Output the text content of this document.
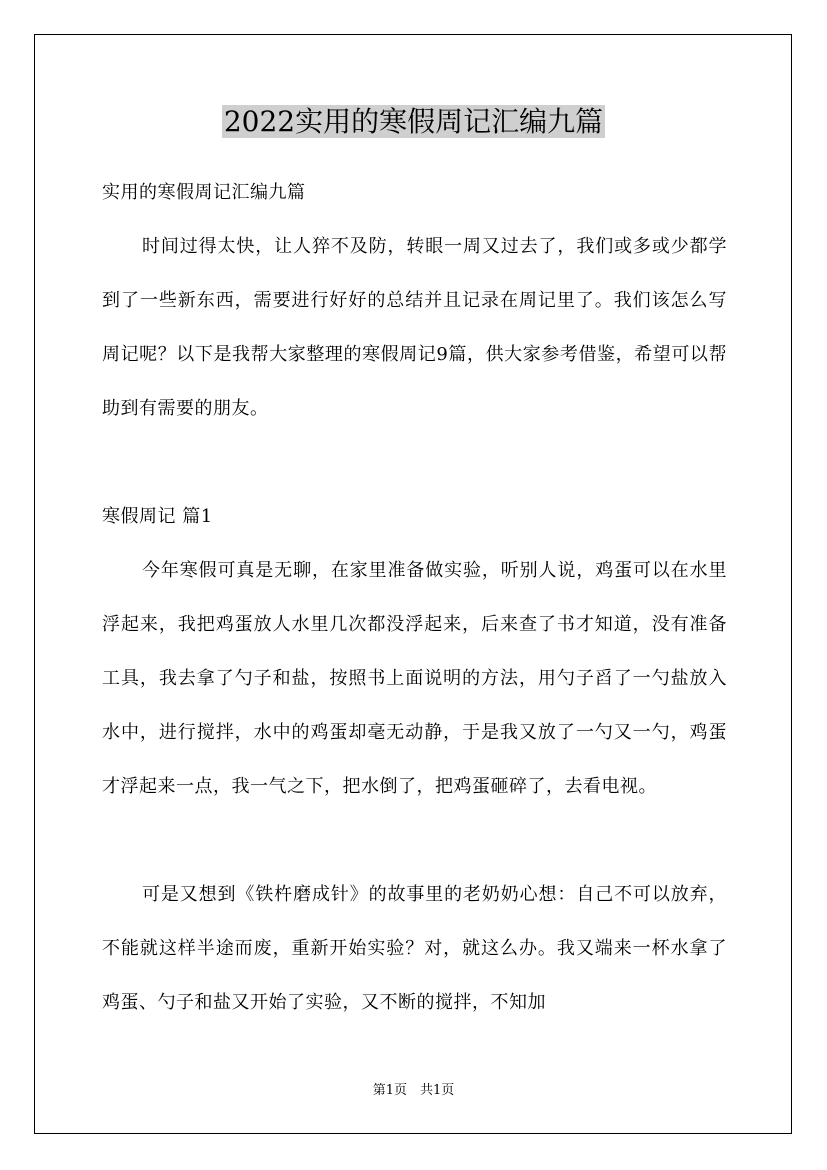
2022实用的寒假周记汇编九篇

实用的寒假周记汇编九篇

时间过得太快，让人猝不及防，转眼一周又过去了，我们或多或少都学到了一些新东西，需要进行好好的总结并且记录在周记里了。我们该怎么写周记呢？以下是我帮大家整理的寒假周记9篇，供大家参考借鉴，希望可以帮助到有需要的朋友。

寒假周记 篇1

今年寒假可真是无聊，在家里准备做实验，听别人说，鸡蛋可以在水里浮起来，我把鸡蛋放人水里几次都没浮起来，后来查了书才知道，没有准备工具，我去拿了勺子和盐，按照书上面说明的方法，用勺子舀了一勺盐放入水中，进行搅拌，水中的鸡蛋却毫无动静，于是我又放了一勺又一勺，鸡蛋才浮起来一点，我一气之下，把水倒了，把鸡蛋砸碎了，去看电视。

可是又想到《铁杵磨成针》的故事里的老奶奶心想：自己不可以放弃，不能就这样半途而废，重新开始实验？对，就这么办。我又端来一杯水拿了鸡蛋、勺子和盐又开始了实验，又不断的搅拌，不知加

第1页　共1页
